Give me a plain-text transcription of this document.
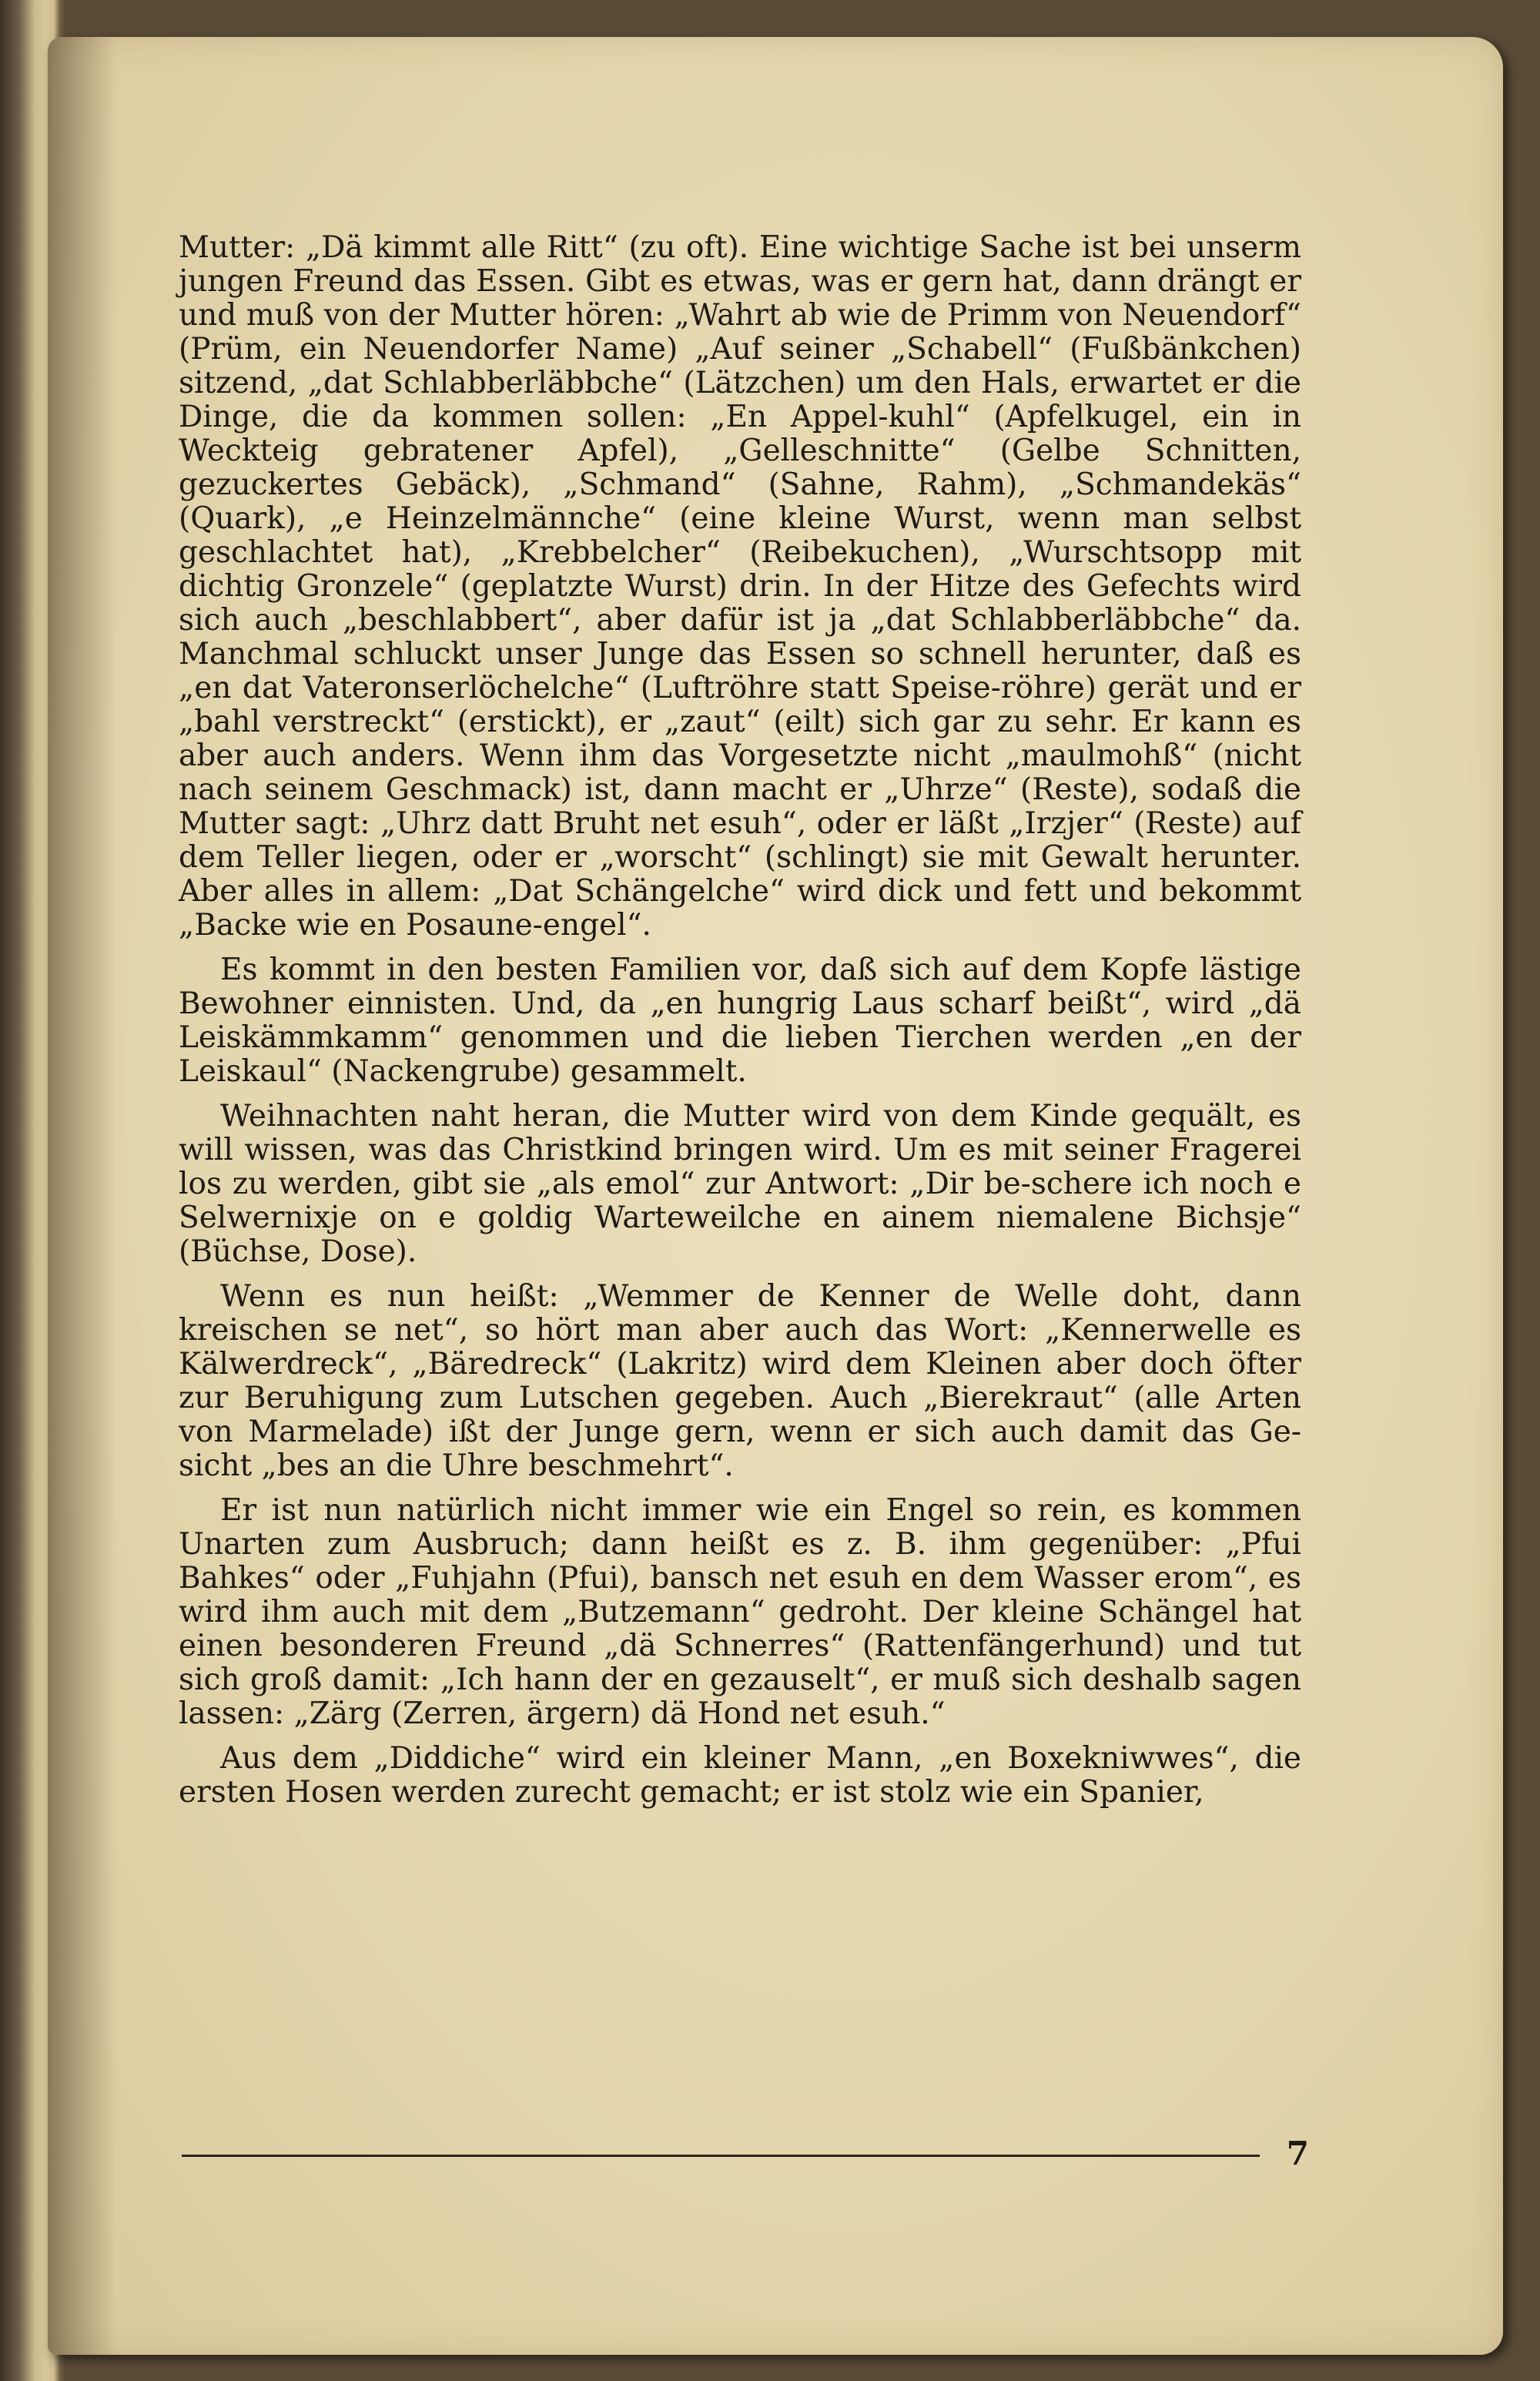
Mutter: „Dä kimmt alle Ritt“ (zu oft). Eine wichtige Sache ist bei unserm jungen Freund das Essen. Gibt es etwas, was er gern hat, dann drängt er und muß von der Mutter hören: „Wahrt ab wie de Primm von Neuendorf“ (Prüm, ein Neuendorfer Name) „Auf seiner „Schabell“ (Fußbänkchen) sitzend, „dat Schlabberläbbche“ (Lätzchen) um den Hals, erwartet er die Dinge, die da kommen sollen: „En Appel-kuhl“ (Apfelkugel, ein in Weckteig gebratener Apfel), „Gelleschnitte“ (Gelbe Schnitten, gezuckertes Gebäck), „Schmand“ (Sahne, Rahm), „Schmandekäs“ (Quark), „e Heinzelmännche“ (eine kleine Wurst, wenn man selbst geschlachtet hat), „Krebbelcher“ (Reibekuchen), „Wurschtsopp mit dichtig Gronzele“ (geplatzte Wurst) drin. In der Hitze des Gefechts wird sich auch „beschlabbert“, aber dafür ist ja „dat Schlabberläbbche“ da. Manchmal schluckt unser Junge das Essen so schnell herunter, daß es „en dat Vateronserlöchelche“ (Luftröhre statt Speise-röhre) gerät und er „bahl verstreckt“ (erstickt), er „zaut“ (eilt) sich gar zu sehr. Er kann es aber auch anders. Wenn ihm das Vorgesetzte nicht „maulmohß“ (nicht nach seinem Geschmack) ist, dann macht er „Uhrze“ (Reste), sodaß die Mutter sagt: „Uhrz datt Bruht net esuh“, oder er läßt „Irzjer“ (Reste) auf dem Teller liegen, oder er „worscht“ (schlingt) sie mit Gewalt herunter. Aber alles in allem: „Dat Schängelche“ wird dick und fett und bekommt „Backe wie en Posaune-engel“.

Es kommt in den besten Familien vor, daß sich auf dem Kopfe lästige Bewohner einnisten. Und, da „en hungrig Laus scharf beißt“, wird „dä Leiskämmkamm“ genommen und die lieben Tierchen werden „en der Leiskaul“ (Nackengrube) gesammelt.

Weihnachten naht heran, die Mutter wird von dem Kinde gequält, es will wissen, was das Christkind bringen wird. Um es mit seiner Fragerei los zu werden, gibt sie „als emol“ zur Antwort: „Dir be-schere ich noch e Selwernixje on e goldig Warteweilche en ainem niemalene Bichsje“ (Büchse, Dose).

Wenn es nun heißt: „Wemmer de Kenner de Welle doht, dann kreischen se net“, so hört man aber auch das Wort: „Kennerwelle es Kälwerdreck“, „Bäredreck“ (Lakritz) wird dem Kleinen aber doch öfter zur Beruhigung zum Lutschen gegeben. Auch „Bierekraut“ (alle Arten von Marmelade) ißt der Junge gern, wenn er sich auch damit das Ge-sicht „bes an die Uhre beschmehrt“.

Er ist nun natürlich nicht immer wie ein Engel so rein, es kommen Unarten zum Ausbruch; dann heißt es z. B. ihm gegenüber: „Pfui Bahkes“ oder „Fuhjahn (Pfui), bansch net esuh en dem Wasser erom“, es wird ihm auch mit dem „Butzemann“ gedroht. Der kleine Schängel hat einen besonderen Freund „dä Schnerres“ (Rattenfängerhund) und tut sich groß damit: „Ich hann der en gezauselt“, er muß sich deshalb sagen lassen: „Zärg (Zerren, ärgern) dä Hond net esuh.“

Aus dem „Diddiche“ wird ein kleiner Mann, „en Boxekniwwes“, die ersten Hosen werden zurecht gemacht; er ist stolz wie ein Spanier,

7
